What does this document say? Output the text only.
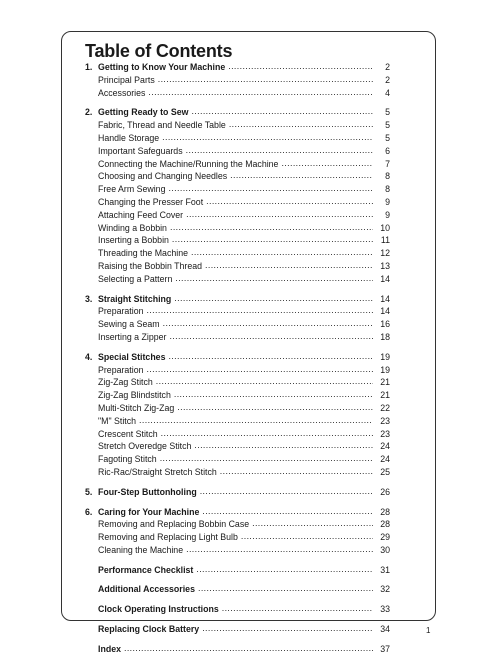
Table of Contents
1. Getting to Know Your Machine .....	2
Principal Parts .....	2
Accessories .....	4
2. Getting Ready to Sew .....	5
Fabric, Thread and Needle Table .....	5
Handle Storage .....	5
Important Safeguards .....	6
Connecting the Machine/Running the Machine .....	7
Choosing and Changing Needles .....	8
Free Arm Sewing .....	8
Changing the Presser Foot .....	9
Attaching Feed Cover .....	9
Winding a Bobbin .....	10
Inserting a Bobbin .....	11
Threading the Machine .....	12
Raising the Bobbin Thread .....	13
Selecting a Pattern .....	14
3. Straight Stitching .....	14
Preparation .....	14
Sewing a Seam .....	16
Inserting a Zipper .....	18
4. Special Stitches .....	19
Preparation .....	19
Zig-Zag Stitch .....	21
Zig-Zag Blindstitch .....	21
Multi-Stitch Zig-Zag .....	22
"M" Stitch .....	23
Crescent Stitch .....	23
Stretch Overedge Stitch .....	24
Fagoting Stitch .....	24
Ric-Rac/Straight Stretch Stitch .....	25
5. Four-Step Buttonholing .....	26
6. Caring for Your Machine .....	28
Removing and Replacing Bobbin Case .....	28
Removing and Replacing Light Bulb .....	29
Cleaning the Machine .....	30
Performance Checklist .....	31
Additional Accessories .....	32
Clock Operating Instructions .....	33
Replacing Clock Battery .....	34
Index .....	37
1
